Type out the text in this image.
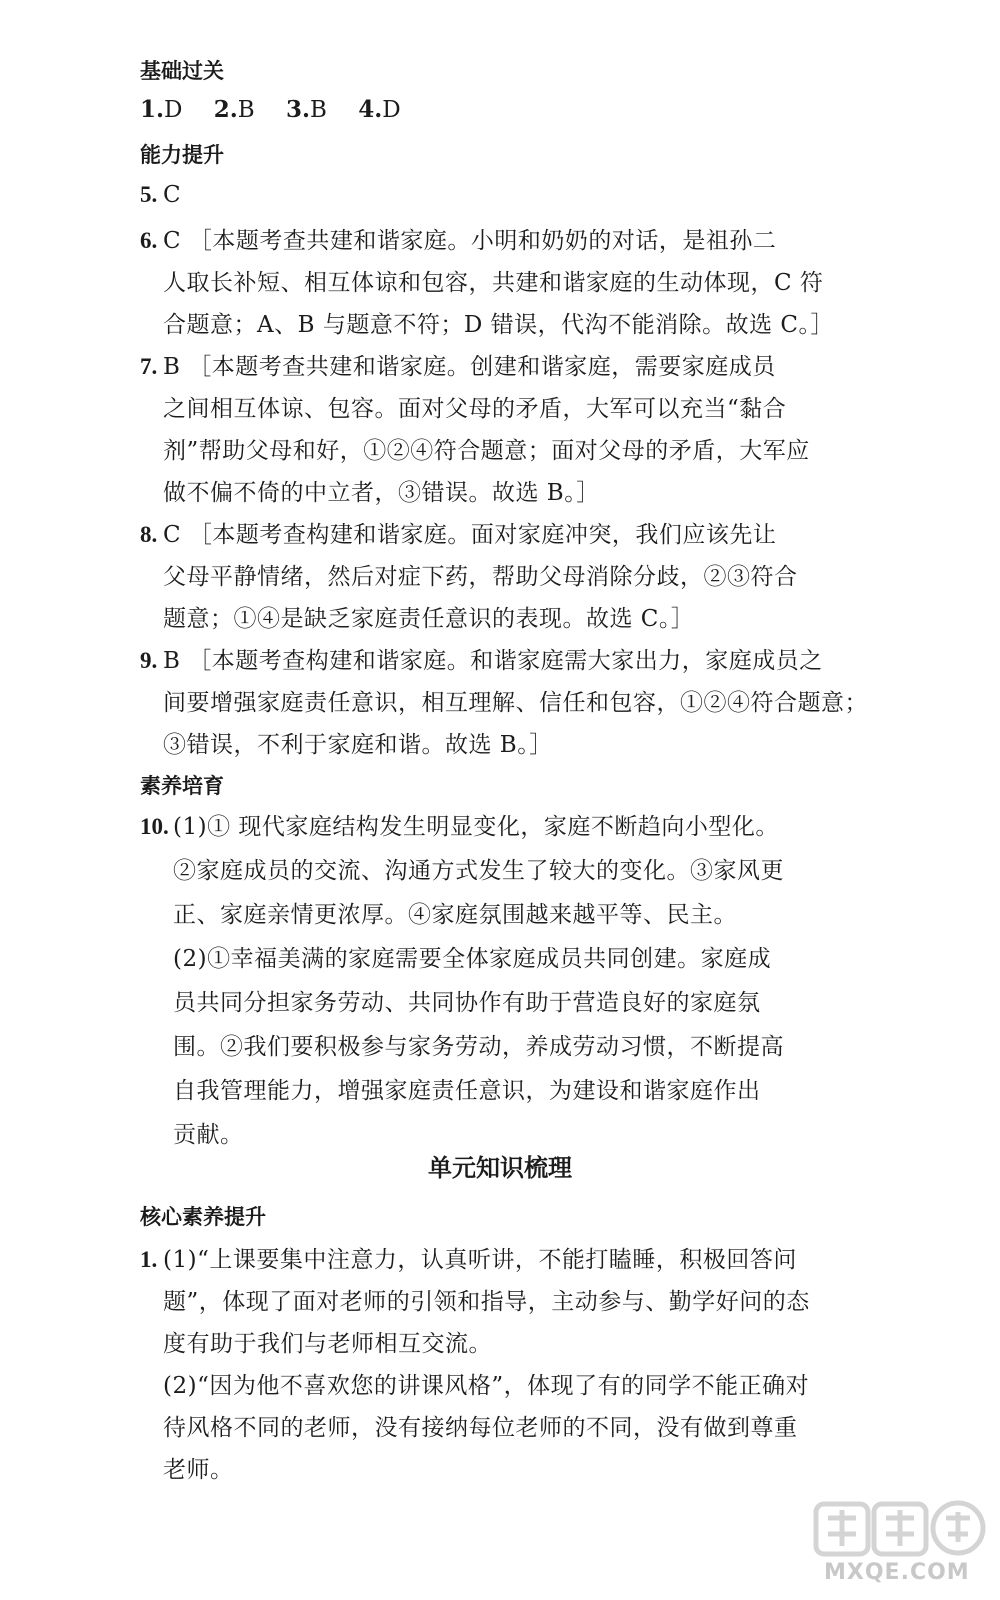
基础过关
1.D 2.B 3.B 4.D
能力提升
5. C
6. C ［本题考查共建和谐家庭。小明和奶奶的对话，是祖孙二
人取长补短、相互体谅和包容，共建和谐家庭的生动体现，C 符
合题意；A、B 与题意不符；D 错误，代沟不能消除。故选 C。］
7. B ［本题考查共建和谐家庭。创建和谐家庭，需要家庭成员
之间相互体谅、包容。面对父母的矛盾，大军可以充当“黏合
剂”帮助父母和好，①②④符合题意；面对父母的矛盾，大军应
做不偏不倚的中立者，③错误。故选 B。］
8. C ［本题考查构建和谐家庭。面对家庭冲突，我们应该先让
父母平静情绪，然后对症下药，帮助父母消除分歧，②③符合
题意；①④是缺乏家庭责任意识的表现。故选 C。］
9. B ［本题考查构建和谐家庭。和谐家庭需大家出力，家庭成员之
间要增强家庭责任意识，相互理解、信任和包容，①②④符合题意；
③错误，不利于家庭和谐。故选 B。］
素养培育
10. (1)① 现代家庭结构发生明显变化，家庭不断趋向小型化。
②家庭成员的交流、沟通方式发生了较大的变化。③家风更
正、家庭亲情更浓厚。④家庭氛围越来越平等、民主。
(2)①幸福美满的家庭需要全体家庭成员共同创建。家庭成
员共同分担家务劳动、共同协作有助于营造良好的家庭氛
围。②我们要积极参与家务劳动，养成劳动习惯，不断提高
自我管理能力，增强家庭责任意识，为建设和谐家庭作出
贡献。
单元知识梳理
核心素养提升
1. (1)“上课要集中注意力，认真听讲，不能打瞌睡，积极回答问
题”，体现了面对老师的引领和指导，主动参与、勤学好问的态
度有助于我们与老师相互交流。
(2)“因为他不喜欢您的讲课风格”，体现了有的同学不能正确对
待风格不同的老师，没有接纳每位老师的不同，没有做到尊重
老师。
MXQE.COM
